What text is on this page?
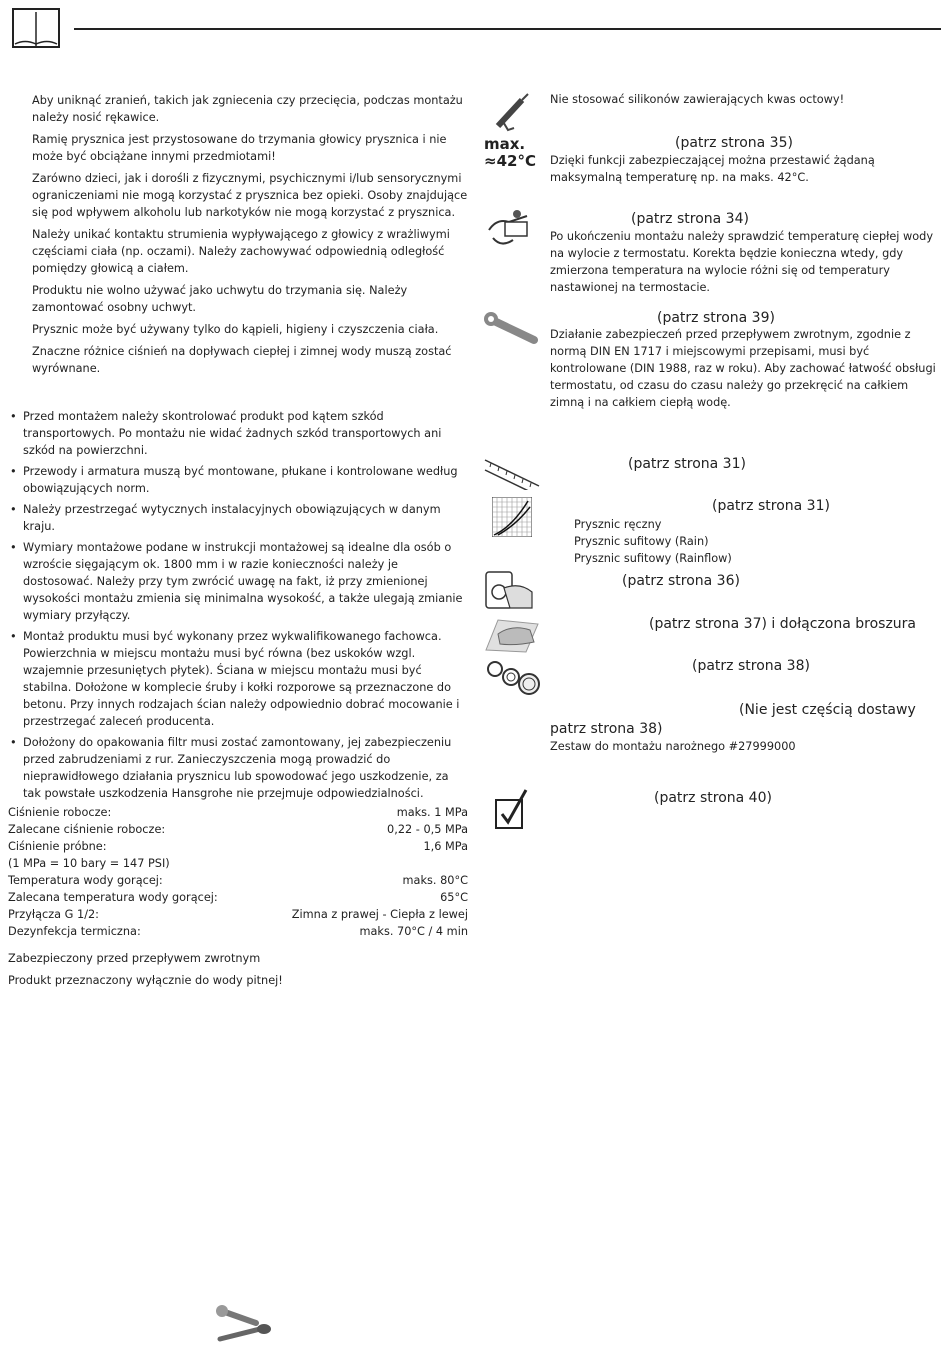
Aby uniknąć zranień, takich jak zgniecenia czy przecięcia, podczas montażu należy nosić rękawice.

Ramię prysznica jest przystosowane do trzymania głowicy prysznica i nie może być obciążane innymi przedmiotami!

Zarówno dzieci, jak i dorośli z fizycznymi, psychicznymi i/lub sensorycznymi ograniczeniami nie mogą korzystać z prysznica bez opieki. Osoby znajdujące się pod wpływem alkoholu lub narkotyków nie mogą korzystać z prysznica.

Należy unikać kontaktu strumienia wypływającego z głowicy z wrażliwymi częściami ciała (np. oczami). Należy zachowywać odpowiednią odległość pomiędzy głowicą a ciałem.

Produktu nie wolno używać jako uchwytu do trzymania się. Należy zamontować osobny uchwyt.

Prysznic może być używany tylko do kąpieli, higieny i czyszczenia ciała.

Znaczne różnice ciśnień na dopływach ciepłej i zimnej wody muszą zostać wyrównane.

• Przed montażem należy skontrolować produkt pod kątem szkód transportowych. Po montażu nie widać żadnych szkód transportowych ani szkód na powierzchni.
• Przewody i armatura muszą być montowane, płukane i kontrolowane według obowiązujących norm.
• Należy przestrzegać wytycznych instalacyjnych obowiązujących w danym kraju.
• Wymiary montażowe podane w instrukcji montażowej są idealne dla osób o wzroście sięgającym ok. 1800 mm i w razie konieczności należy je dostosować. Należy przy tym zwrócić uwagę na fakt, iż przy zmienionej wysokości montażu zmienia się minimalna wysokość, a także ulegają zmianie wymiary przyłączy.
• Montaż produktu musi być wykonany przez wykwalifikowanego fachowca. Powierzchnia w miejscu montażu musi być równa (bez uskoków wzgl. wzajemnie przesuniętych płytek). Ściana w miejscu montażu musi być stabilna. Dołożone w komplecie śruby i kołki rozporowe są przeznaczone do betonu. Przy innych rodzajach ścian należy odpowiednio dobrać mocowanie i przestrzegać zaleceń producenta.
• Dołożony do opakowania filtr musi zostać zamontowany, jej zabezpieczeniu przed zabrudzeniami z rur. Zanieczyszczenia mogą prowadzić do nieprawidłowego działania prysznicu lub spowodować jego uszkodzenie, za tak powstałe uszkodzenia Hansgrohe nie przejmuje odpowiedzialności.
Ciśnienie robocze:	maks. 1 MPa
Zalecane ciśnienie robocze:	0,22 - 0,5 MPa
Ciśnienie próbne:	1,6 MPa
(1 MPa = 10 bary = 147 PSI)
Temperatura wody gorącej:	maks. 80°C
Zalecana temperatura wody gorącej:	65°C
Przyłącza G 1/2:	Zimna z prawej - Ciepła z lewej
Dezynfekcja termiczna:	maks. 70°C / 4 min

Zabezpieczony przed przepływem zwrotnym

Produkt przeznaczony wyłącznie do wody pitnej!

Nie stosować silikonów zawierających kwas octowy!
max.
≈42°C
(patrz strona 35)
Dzięki funkcji zabezpieczającej można przestawić żądaną maksymalną temperaturę np. na maks. 42°C.
(patrz strona 34)
Po ukończeniu montażu należy sprawdzić temperaturę ciepłej wody na wylocie z termostatu. Korekta będzie konieczna wtedy, gdy zmierzona temperatura na wylocie różni się od temperatury nastawionej na termostacie.
(patrz strona 39)
Działanie zabezpieczeń przed przepływem zwrotnym, zgodnie z normą DIN EN 1717 i miejscowymi przepisami, musi być kontrolowane (DIN 1988, raz w roku). Aby zachować łatwość obsługi termostatu, od czasu do czasu należy go przekręcić na całkiem zimną i na całkiem ciepłą wodę.
(patrz strona 31)
(patrz strona 31)
Prysznic ręczny
Prysznic sufitowy (Rain)
Prysznic sufitowy (Rainflow)
(patrz strona 36)
(patrz strona 37) i dołączona broszura
(patrz strona 38)
(Nie jest częścią dostawy
patrz strona 38)
Zestaw do montażu narożnego #27999000
(patrz strona 40)
